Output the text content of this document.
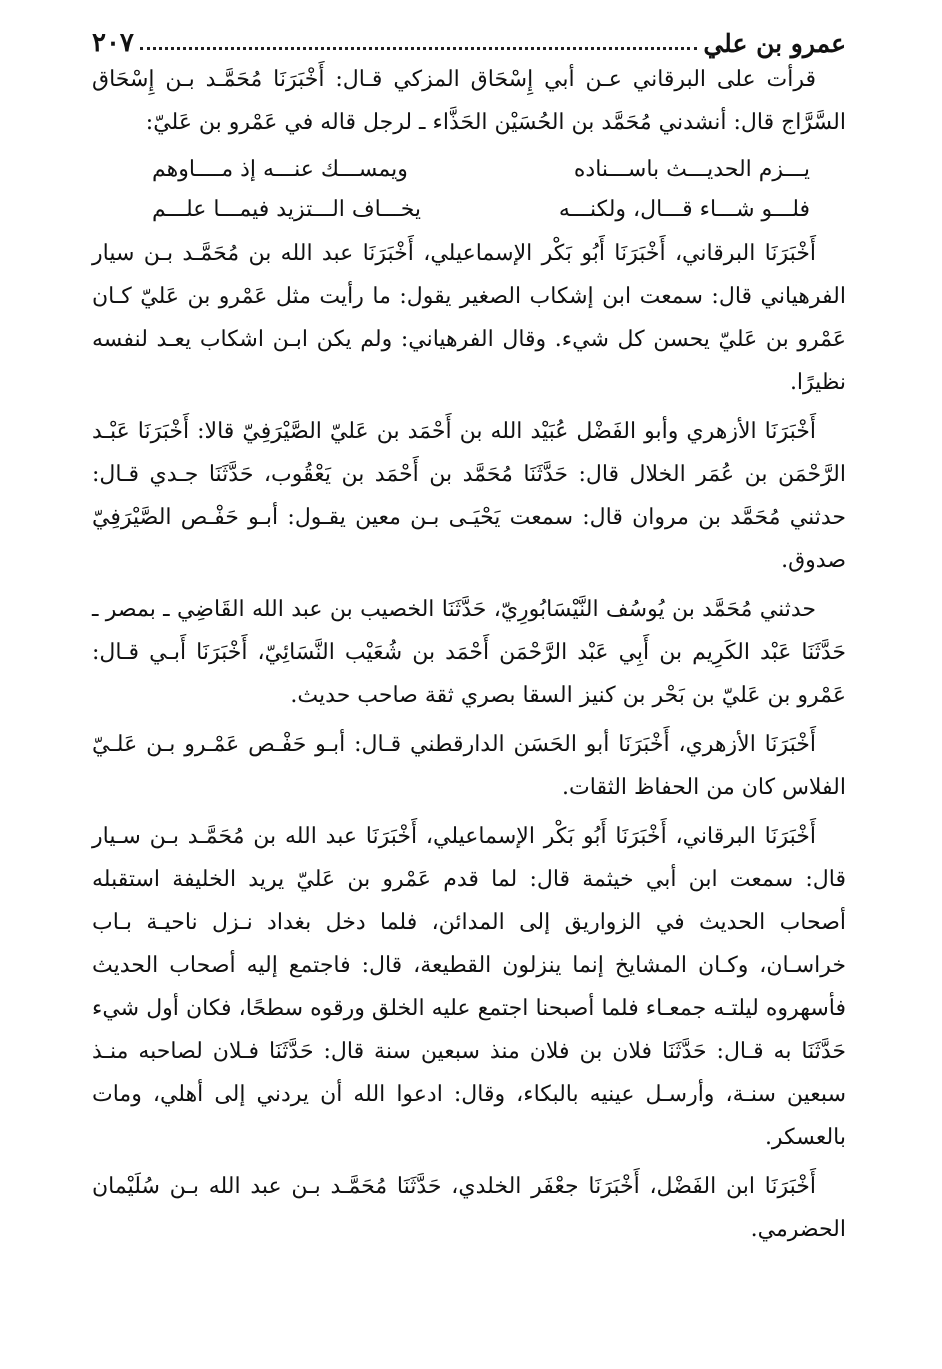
عمرو بن علي
٢٠٧

قرأت على البرقاني عـن أبي إِسْحَاق المزكي قـال: أَخْبَرَنَا مُحَمَّـد بـن إِسْحَاق السَّرَّاج قال: أنشدني مُحَمَّد بن الحُسَيْن الحَذَّاء ـ لرجل قاله في عَمْرو بن عَليّ:

يـــزم الحديـــث باســـناده
ويمســـك عنـــه إذ مــــاوهم
فلـــو شـــاء قـــال، ولكنـــه
يخـــاف الـــتزيد فيمـــا علـــم

أَخْبَرَنَا البرقاني، أَخْبَرَنَا أَبُو بَكْر الإسماعيلي، أَخْبَرَنَا عبد الله بن مُحَمَّـد بـن سيار الفرهياني قال: سمعت ابن إشكاب الصغير يقول: ما رأيت مثل عَمْرو بن عَليّ كـان عَمْرو بن عَليّ يحسن كل شيء. وقال الفرهياني: ولم يكن ابـن اشكاب يعـد لنفسه نظيرًا.

أَخْبَرَنَا الأزهري وأبو الفَضْل عُبَيْد الله بن أَحْمَد بن عَليّ الصَّيْرَفِيّ قالا: أَخْبَرَنَا عَبْـد الرَّحْمَن بن عُمَر الخلال قال: حَدَّثَنَا مُحَمَّد بن أَحْمَد بن يَعْقُوب، حَدَّثَنَا جـدي قـال: حدثني مُحَمَّد بن مروان قال: سمعت يَحْيَـى بـن معين يقـول: أبـو حَفْـص الصَّيْرَفِيّ صدوق.

حدثني مُحَمَّد بن يُوسُف النَّيْسَابُورِيّ، حَدَّثَنَا الخصيب بن عبد الله القَاضِي ـ بمصر ـ حَدَّثَنَا عَبْد الكَرِيم بن أَبِي عَبْد الرَّحْمَن أَحْمَد بن شُعَيْب النَّسَائِيّ، أَخْبَرَنَا أَبـي قـال: عَمْرو بن عَليّ بن بَحْر بن كنيز السقا بصري ثقة صاحب حديث.

أَخْبَرَنَا الأزهري، أَخْبَرَنَا أبو الحَسَن الدارقطني قـال: أبـو حَفْـص عَمْـرو بـن عَلـيّ الفلاس كان من الحفاظ الثقات.

أَخْبَرَنَا البرقاني، أَخْبَرَنَا أَبُو بَكْر الإسماعيلي، أَخْبَرَنَا عبد الله بن مُحَمَّـد بـن سـيار قال: سمعت ابن أبي خيثمة قال: لما قدم عَمْرو بن عَليّ يريد الخليفة استقبله أصحاب الحديث في الزواريق إلى المدائن، فلما دخل بغداد نـزل ناحيـة بـاب خراسـان، وكـان المشايخ إنما ينزلون القطيعة، قال: فاجتمع إليه أصحاب الحديث فأسهروه ليلتـه جمعـاء فلما أصبحنا اجتمع عليه الخلق ورقوه سطحًا، فكان أول شيء حَدَّثَنَا به قـال: حَدَّثَنَا فلان بن فلان منذ سبعين سنة قال: حَدَّثَنَا فـلان لصاحبه منـذ سبعين سنـة، وأرسـل عينيه بالبكاء، وقال: ادعوا الله أن يردني إلى أهلي، ومات بالعسكر.

أَخْبَرَنَا ابن الفَضْل، أَخْبَرَنَا جعْفَر الخلدي، حَدَّثَنَا مُحَمَّـد بـن عبد الله بـن سُلَيْمان الحضرمي.
